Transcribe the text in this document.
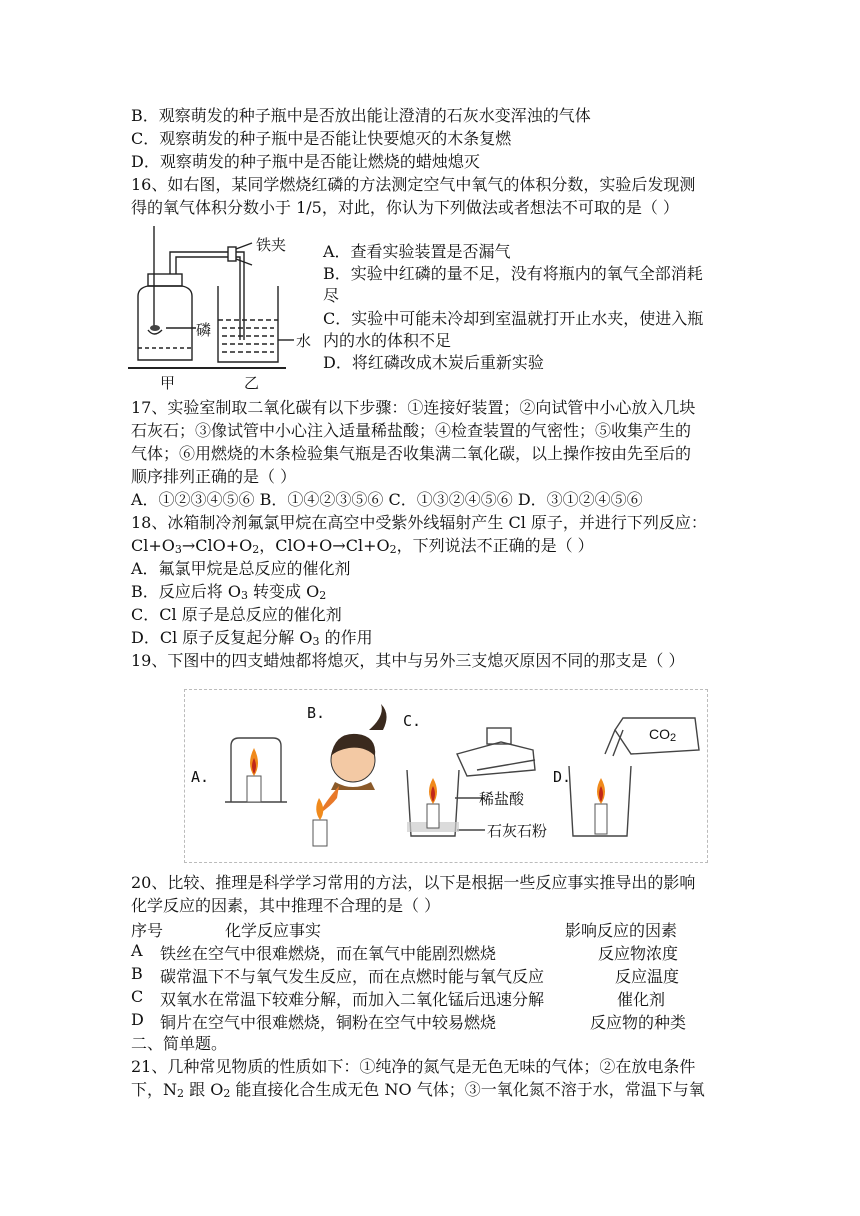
B．观察萌发的种子瓶中是否放出能让澄清的石灰水变浑浊的气体
C．观察萌发的种子瓶中是否能让快要熄灭的木条复燃
D．观察萌发的种子瓶中是否能让燃烧的蜡烛熄灭
16、如右图，某同学燃烧红磷的方法测定空气中氧气的体积分数，实验后发现测
得的氧气体积分数小于 1/5，对此，你认为下列做法或者想法不可取的是（ ）
铁夹
磷
水
甲	乙
A．查看实验装置是否漏气
B．实验中红磷的量不足，没有将瓶内的氧气全部消耗
尽
C．实验中可能未冷却到室温就打开止水夹，使进入瓶
内的水的体积不足
D．将红磷改成木炭后重新实验
17、实验室制取二氧化碳有以下步骤：①连接好装置；②向试管中小心放入几块
石灰石；③像试管中小心注入适量稀盐酸；④检查装置的气密性；⑤收集产生的
气体；⑥用燃烧的木条检验集气瓶是否收集满二氧化碳，以上操作按由先至后的
顺序排列正确的是（ ）
A．①②③④⑤⑥ B．①④②③⑤⑥ C．①③②④⑤⑥ D．③①②④⑤⑥
18、冰箱制冷剂氟氯甲烷在高空中受紫外线辐射产生 Cl 原子，并进行下列反应：
$Cl+O_3\to ClO+O_2$，$ClO+O\to Cl+O_2$，下列说法不正确的是（ ）
A．氟氯甲烷是总反应的催化剂
B．反应后将 $O_3$ 转变成 $O_2$
C．Cl 原子是总反应的催化剂
D．Cl 原子反复起分解 $O_3$ 的作用
19、下图中的四支蜡烛都将熄灭，其中与另外三支熄灭原因不同的那支是（ ）
A.
B.	C.
D.
稀盐酸
石灰石粉
$CO_2$
20、比较、推理是科学学习常用的方法，以下是根据一些反应事实推导出的影响
化学反应的因素，其中推理不合理的是（ ）
序号	化学反应事实	影响反应的因素
A 铁丝在空气中很难燃烧，而在氧气中能剧烈燃烧	反应物浓度
B 碳常温下不与氧气发生反应，而在点燃时能与氧气反应	反应温度
C 双氧水在常温下较难分解，而加入二氧化锰后迅速分解	催化剂
D 铜片在空气中很难燃烧，铜粉在空气中较易燃烧	反应物的种类
二、简单题。
21、几种常见物质的性质如下：①纯净的氮气是无色无味的气体；②在放电条件
下，$N_2$ 跟 $O_2$ 能直接化合生成无色 NO 气体；③一氧化氮不溶于水，常温下与氧
